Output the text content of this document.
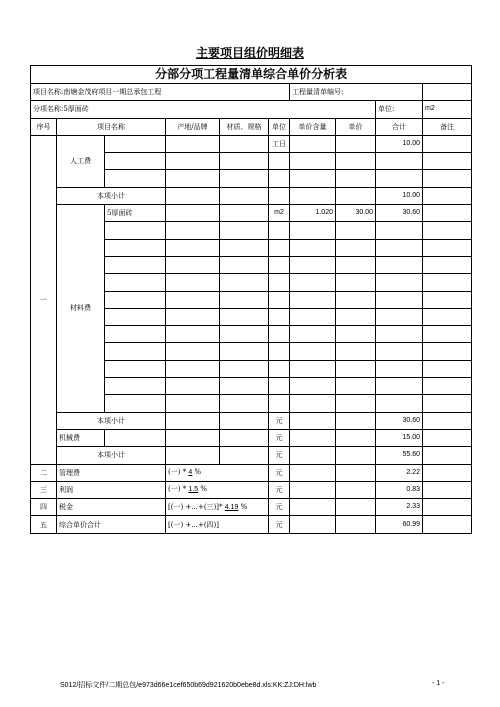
主要项目组价明细表
分部分项工程量清单综合单价分析表									
项目名称:南塘金茂府项目一期总承包工程						工程量清单编号:			
分项名称:5厚面砖								单位:	m2
序号	项目名称		产地/品牌	材质、规格	单位	单价含量	单价	合计	备注
一	人工费				工日			10.00	

	本项小计							10.00	
	材料费	5厚面砖			m2	1.020	30.00	30.60	

	本项小计				元			30.60	
	机械费				元			15.00	
	本项小计				元			55.60	
二	管理费		(一) * 4 %		元			2.22	
三	利润		(一) * 1.5 %		元			0.83	
四	税金		[(一) +...+(三)]* 4.19 %		元			2.33	
五	综合单价合计		[(一) +...+(四)]		元			60.99	
S012/招标文件/二期总包/e973d66e1cef650b69d921620b0ebe8d.xls:KK:ZJ:DH:lwb	- 1 -
